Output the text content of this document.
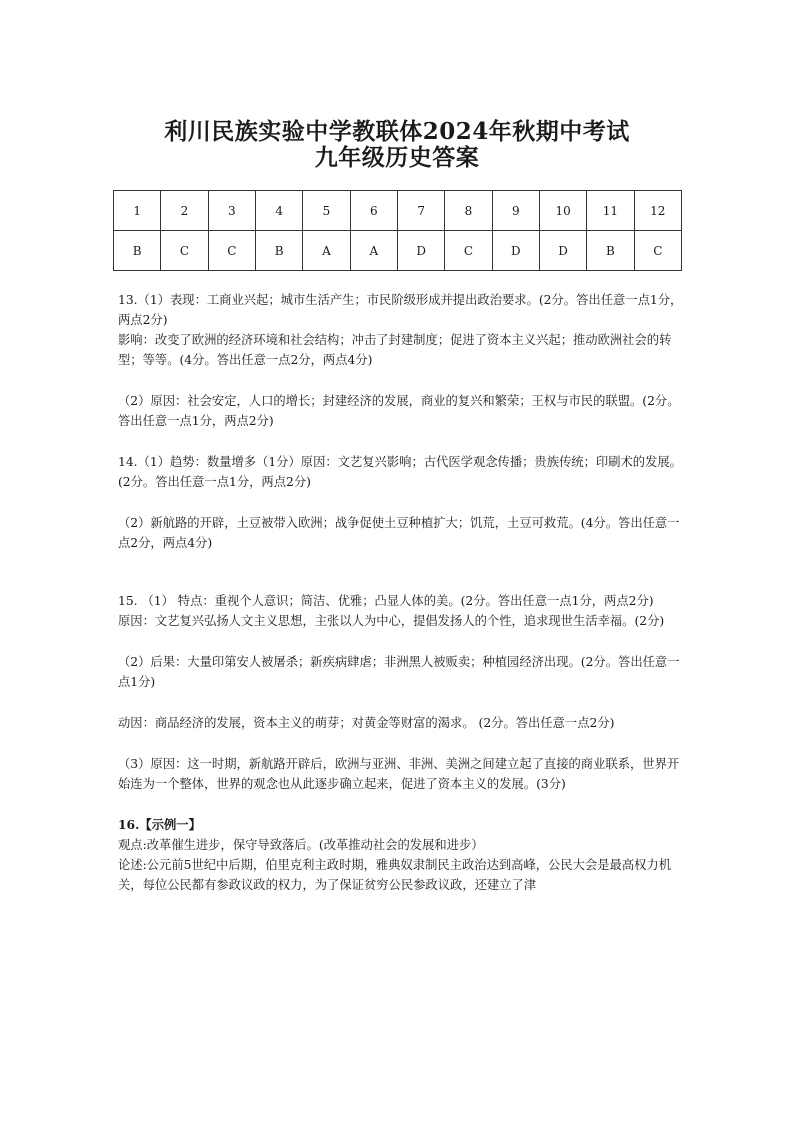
利川民族实验中学教联体2024年秋期中考试
九年级历史答案
1	2	3	4	5	6	7	8	9	10	11	12
B	C	C	B	A	A	D	C	D	D	B	C

13.（1）表现：工商业兴起；城市生活产生；市民阶级形成并提出政治要求。(2分。答出任意一点1分，两点2分)

影响：改变了欧洲的经济环境和社会结构；冲击了封建制度；促进了资本主义兴起；推动欧洲社会的转型；等等。(4分。答出任意一点2分，两点4分)

（2）原因：社会安定，人口的增长；封建经济的发展，商业的复兴和繁荣；王权与市民的联盟。(2分。答出任意一点1分，两点2分)

14.（1）趋势：数量增多（1分）原因：文艺复兴影响；古代医学观念传播；贵族传统；印刷术的发展。(2分。答出任意一点1分，两点2分)

（2）新航路的开辟，土豆被带入欧洲；战争促使土豆种植扩大；饥荒，土豆可救荒。(4分。答出任意一点2分，两点4分)

15. （1） 特点：重视个人意识；简洁、优雅；凸显人体的美。(2分。答出任意一点1分，两点2分)

原因：文艺复兴弘扬人文主义思想，主张以人为中心，提倡发扬人的个性，追求现世生活幸福。(2分)

（2）后果：大量印第安人被屠杀；新疾病肆虐；非洲黑人被贩卖；种植园经济出现。(2分。答出任意一点1分)

动因：商品经济的发展，资本主义的萌芽；对黄金等财富的渴求。 (2分。答出任意一点2分)

（3）原因：这一时期，新航路开辟后，欧洲与亚洲、非洲、美洲之间建立起了直接的商业联系，世界开始连为一个整体，世界的观念也从此逐步确立起来，促进了资本主义的发展。(3分)

16.【示例一】

观点:改革催生进步，保守导致落后。(改革推动社会的发展和进步）

论述:公元前5世纪中后期，伯里克利主政时期，雅典奴隶制民主政治达到高峰，公民大会是最高权力机关，每位公民都有参政议政的权力，为了保证贫穷公民参政议政，还建立了津
